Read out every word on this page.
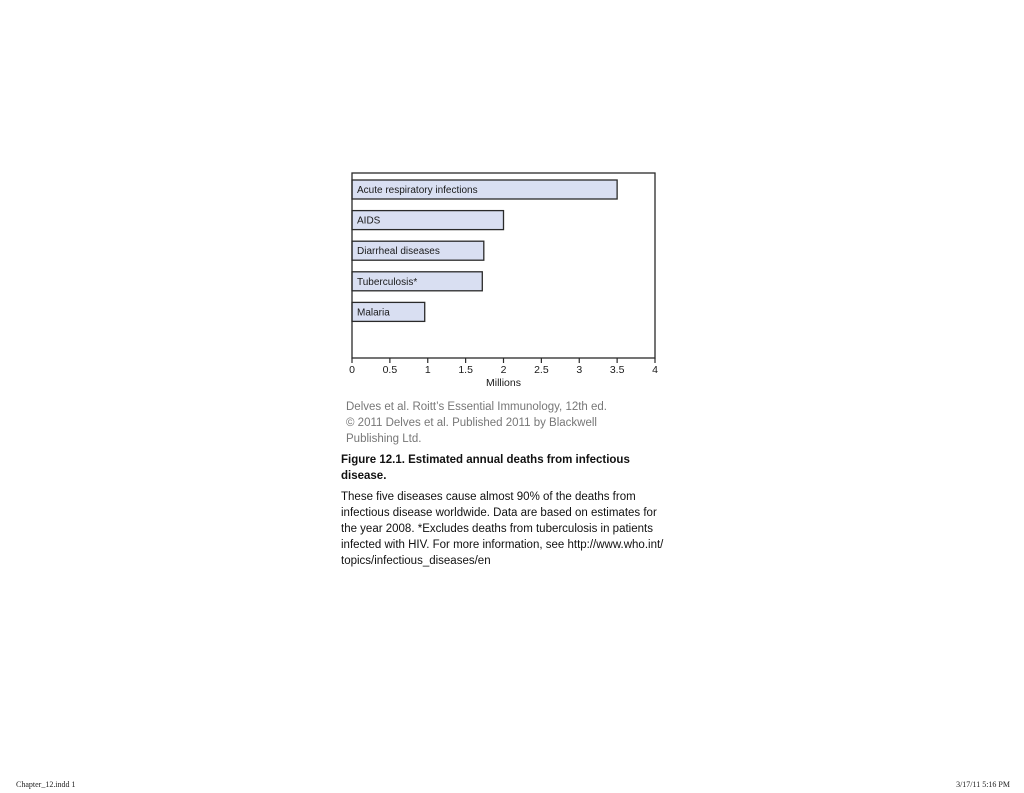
Acute respiratory infections
AIDS
Diarrheal diseases
Tuberculosis*
Malaria
0	0.5	1	1.5	2	2.5	3	3.5	4
Millions
Delves et al. Roitt’s Essential Immunology, 12th ed.
© 2011 Delves et al. Published 2011 by Blackwell
Publishing Ltd.
Figure 12.1. Estimated annual deaths from infectious disease.
These five diseases cause almost 90% of the deaths from
infectious disease worldwide. Data are based on estimates for
the year 2008. *Excludes deaths from tuberculosis in patients
infected with HIV. For more information, see http://www.who.int/
topics/infectious_diseases/en
Chapter_12.indd 1	3/17/11 5:16 PM
